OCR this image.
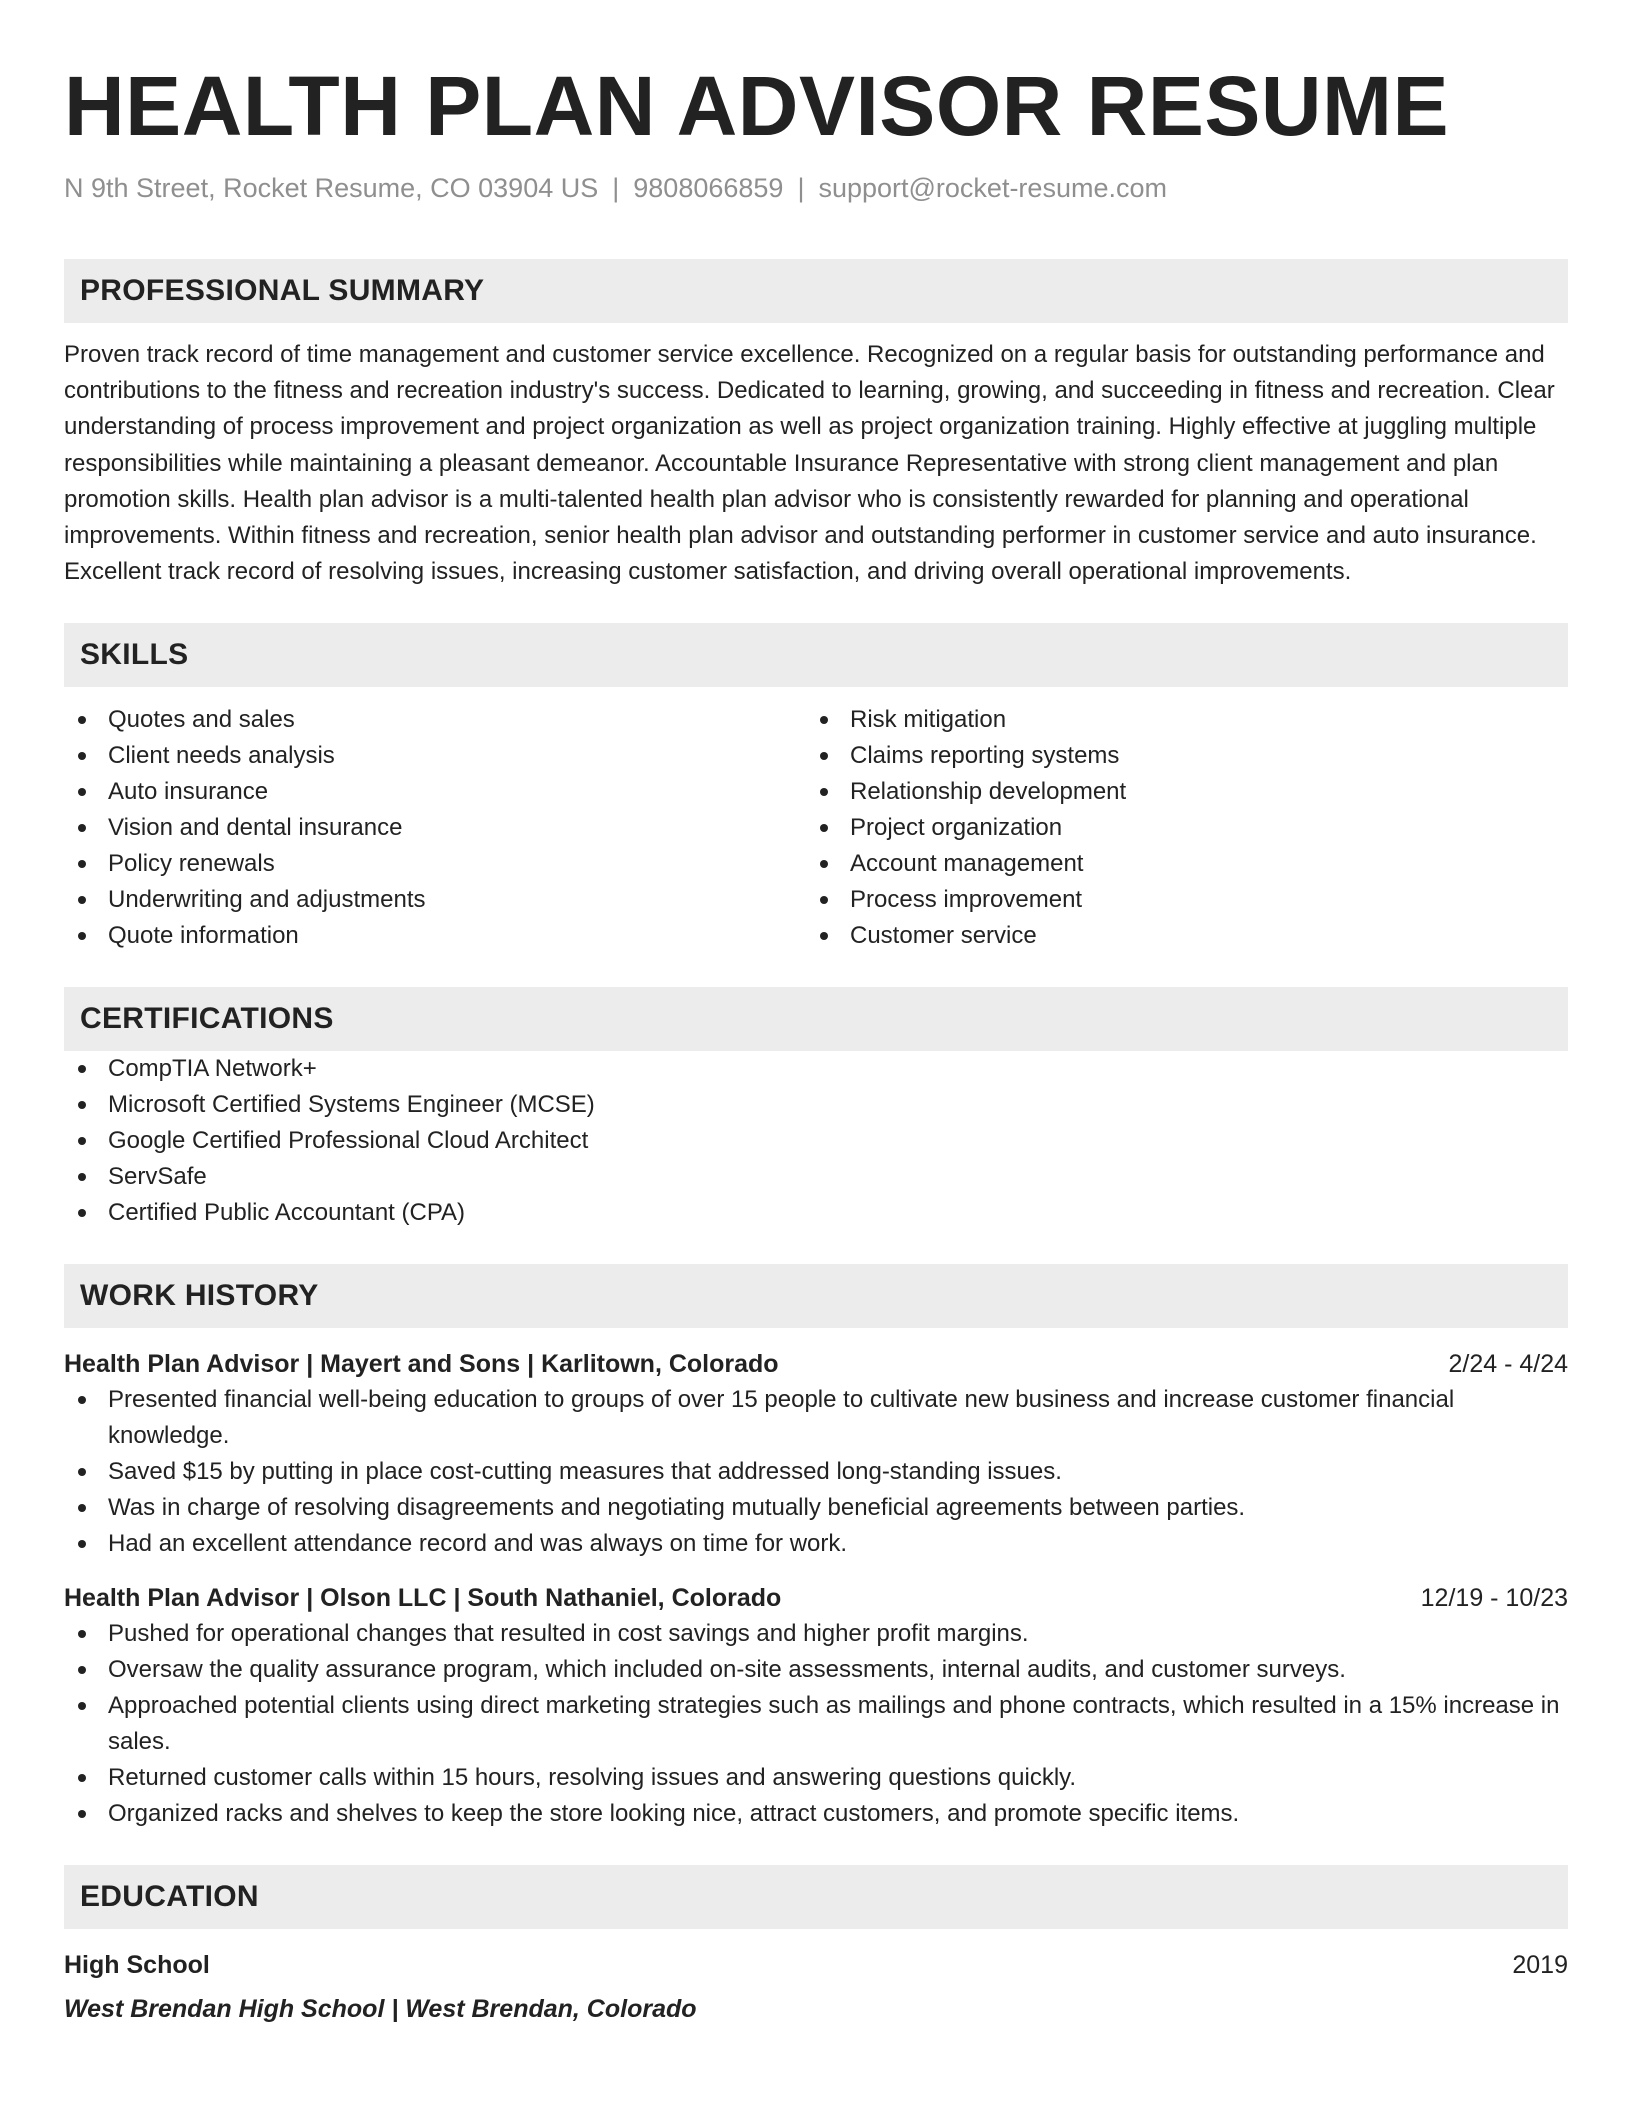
HEALTH PLAN ADVISOR RESUME
N 9th Street, Rocket Resume, CO 03904 US | 9808066859 | support@rocket-resume.com
PROFESSIONAL SUMMARY

Proven track record of time management and customer service excellence. Recognized on a regular basis for outstanding performance and contributions to the fitness and recreation industry's success. Dedicated to learning, growing, and succeeding in fitness and recreation. Clear understanding of process improvement and project organization as well as project organization training. Highly effective at juggling multiple responsibilities while maintaining a pleasant demeanor. Accountable Insurance Representative with strong client management and plan promotion skills. Health plan advisor is a multi-talented health plan advisor who is consistently rewarded for planning and operational improvements. Within fitness and recreation, senior health plan advisor and outstanding performer in customer service and auto insurance. Excellent track record of resolving issues, increasing customer satisfaction, and driving overall operational improvements.

SKILLS
Quotes and sales
Client needs analysis
Auto insurance
Vision and dental insurance
Policy renewals
Underwriting and adjustments
Quote information
Risk mitigation
Claims reporting systems
Relationship development
Project organization
Account management
Process improvement
Customer service
CERTIFICATIONS
CompTIA Network+
Microsoft Certified Systems Engineer (MCSE)
Google Certified Professional Cloud Architect
ServSafe
Certified Public Accountant (CPA)
WORK HISTORY
Health Plan Advisor | Mayert and Sons | Karlitown, Colorado	2/24 - 4/24
Presented financial well-being education to groups of over 15 people to cultivate new business and increase customer financial knowledge.
Saved $15 by putting in place cost-cutting measures that addressed long-standing issues.
Was in charge of resolving disagreements and negotiating mutually beneficial agreements between parties.
Had an excellent attendance record and was always on time for work.
Health Plan Advisor | Olson LLC | South Nathaniel, Colorado	12/19 - 10/23
Pushed for operational changes that resulted in cost savings and higher profit margins.
Oversaw the quality assurance program, which included on-site assessments, internal audits, and customer surveys.
Approached potential clients using direct marketing strategies such as mailings and phone contracts, which resulted in a 15% increase in sales.
Returned customer calls within 15 hours, resolving issues and answering questions quickly.
Organized racks and shelves to keep the store looking nice, attract customers, and promote specific items.
EDUCATION
High School	2019
West Brendan High School | West Brendan, Colorado
